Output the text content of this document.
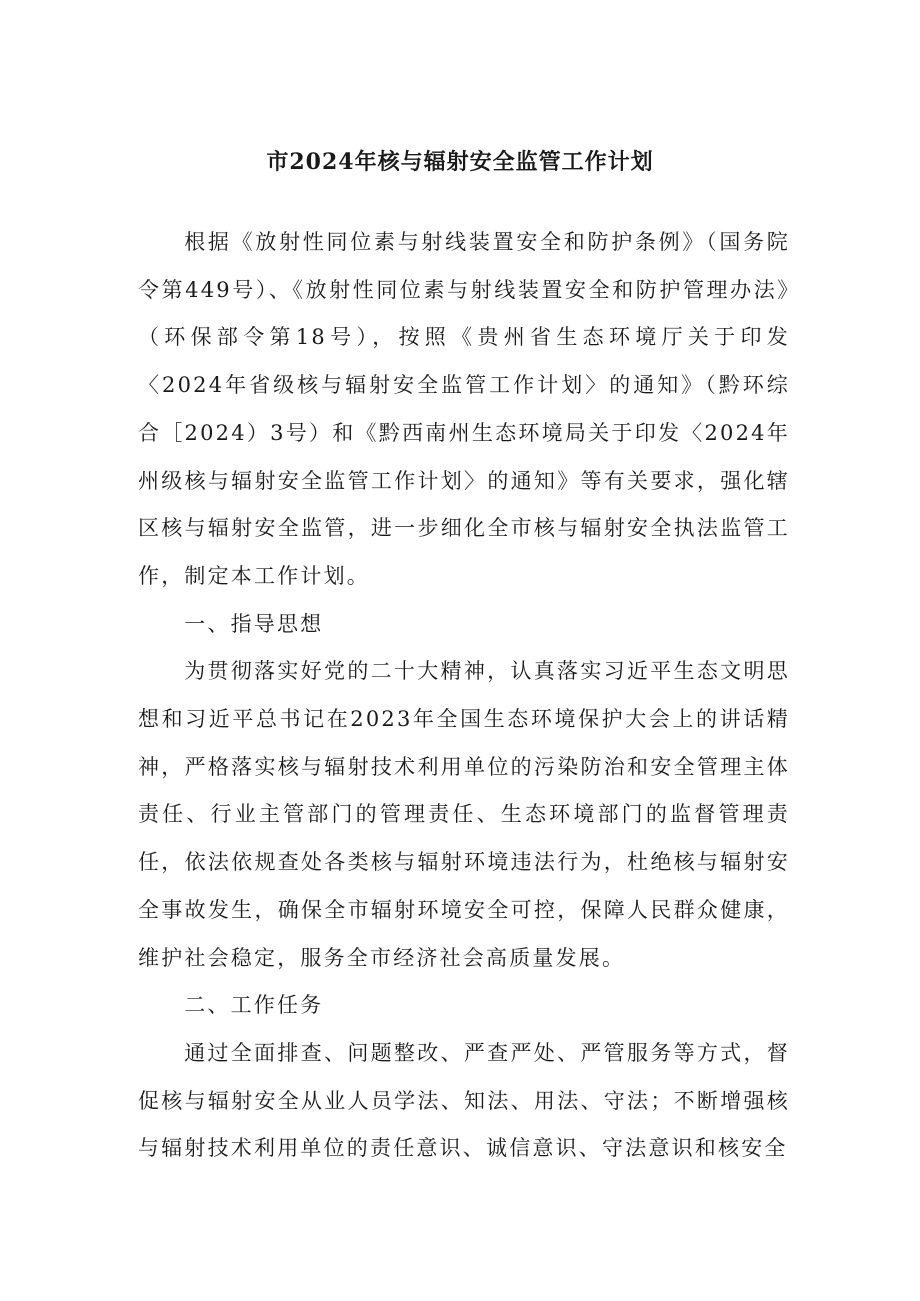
市2024年核与辐射安全监管工作计划

根据《放射性同位素与射线装置安全和防护条例》（国务院令第449号）、《放射性同位素与射线装置安全和防护管理办法》（环保部令第18号），按照《贵州省生态环境厅关于印发〈2024年省级核与辐射安全监管工作计划〉的通知》（黔环综合［2024）3号）和《黔西南州生态环境局关于印发〈2024年州级核与辐射安全监管工作计划〉的通知》等有关要求，强化辖区核与辐射安全监管，进一步细化全市核与辐射安全执法监管工作，制定本工作计划。

一、指导思想

为贯彻落实好党的二十大精神，认真落实习近平生态文明思想和习近平总书记在2023年全国生态环境保护大会上的讲话精神，严格落实核与辐射技术利用单位的污染防治和安全管理主体责任、行业主管部门的管理责任、生态环境部门的监督管理责任，依法依规查处各类核与辐射环境违法行为，杜绝核与辐射安全事故发生，确保全市辐射环境安全可控，保障人民群众健康，维护社会稳定，服务全市经济社会高质量发展。

二、工作任务

通过全面排查、问题整改、严查严处、严管服务等方式，督促核与辐射安全从业人员学法、知法、用法、守法；不断增强核与辐射技术利用单位的责任意识、诚信意识、守法意识和核安全
